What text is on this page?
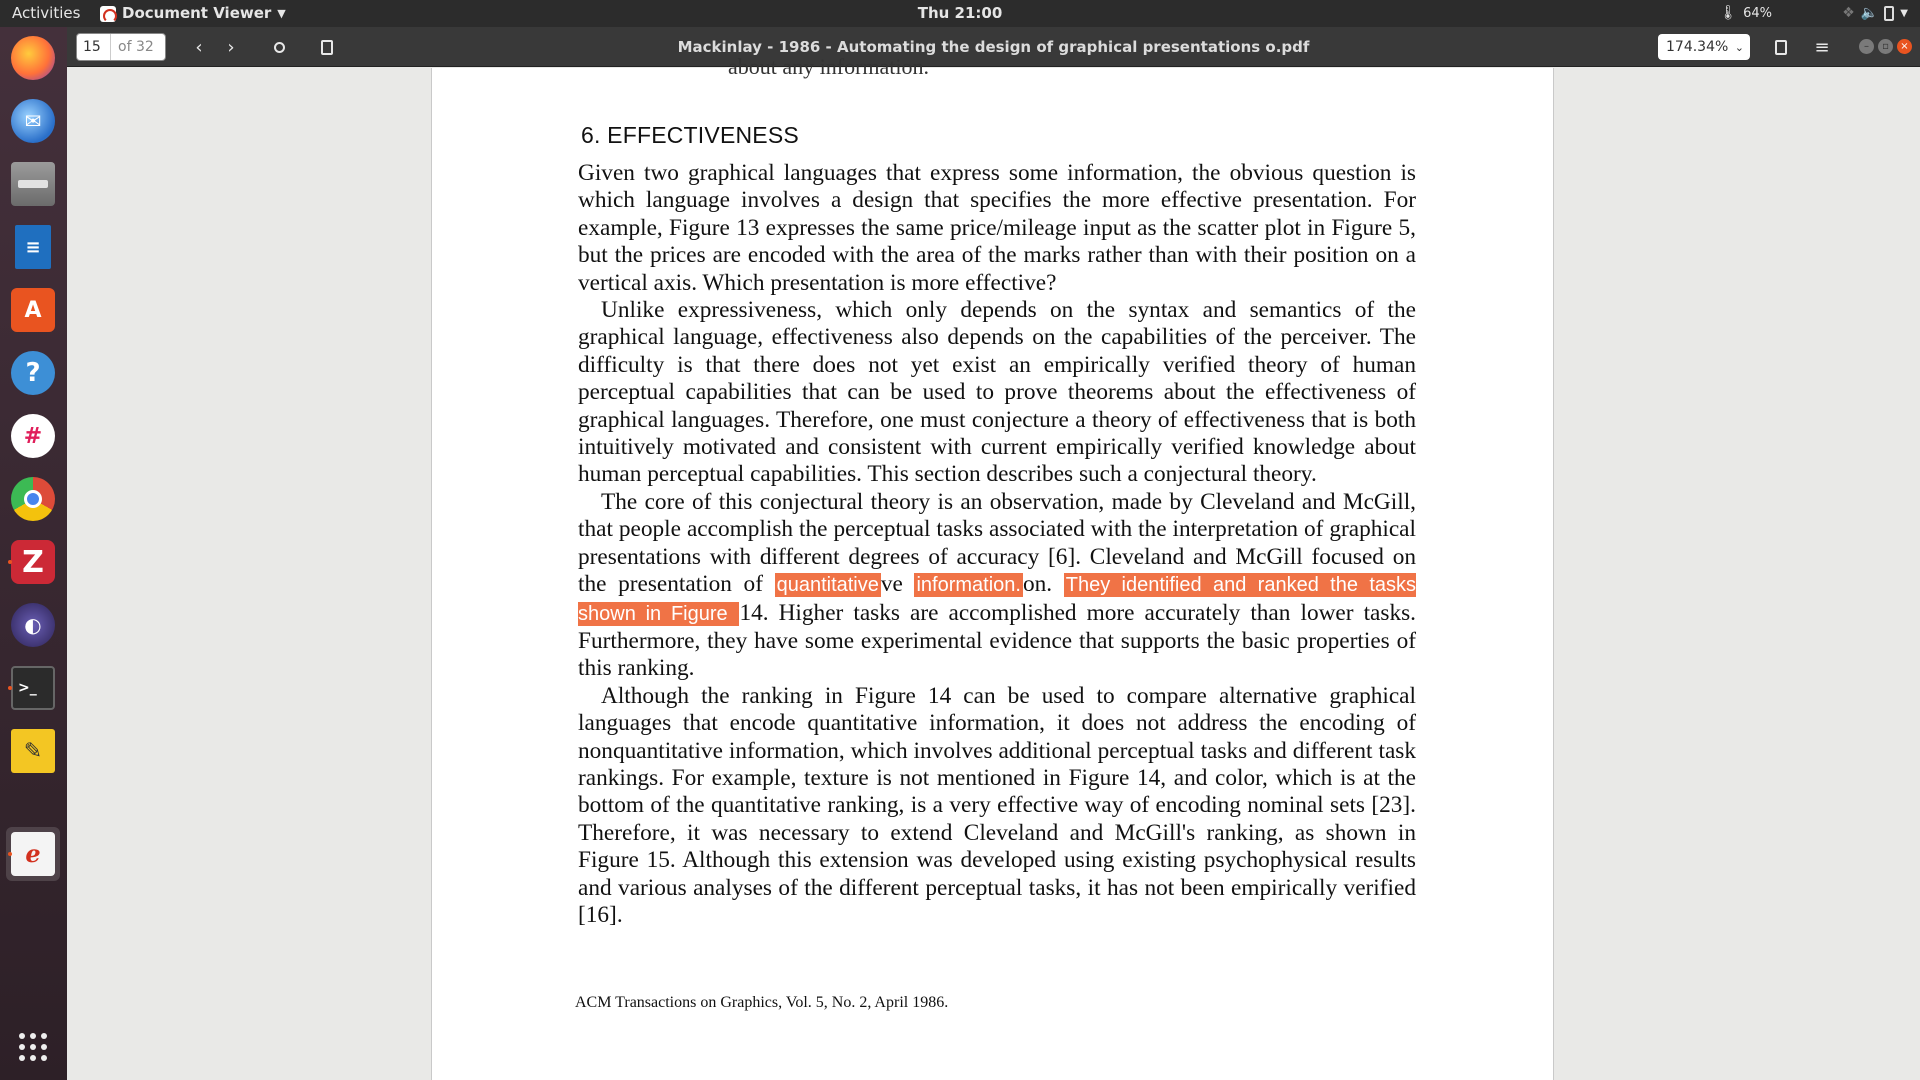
Activities	Document Viewer ▼	Thu 21:00	🌡 64%	❖ 🔈 ▼
✉
≡
A
?
#
Z
◐
>_
✎
ℯ
15
of 32 ‹ ›	Mackinlay - 1986 - Automating the design of graphical presentations o.pdf	174.34% ⌄	≡	– ▫ ×
about any information.
6. EFFECTIVENESS

Given two graphical languages that express some information, the obvious question is which language involves a design that specifies the more effective presentation. For example, Figure 13 expresses the same price/mileage input as the scatter plot in Figure 5, but the prices are encoded with the area of the marks rather than with their position on a vertical axis. Which presentation is more effective?

Unlike expressiveness, which only depends on the syntax and semantics of the graphical language, effectiveness also depends on the capabilities of the perceiver. The difficulty is that there does not yet exist an empirically verified theory of human perceptual capabilities that can be used to prove theorems about the effectiveness of graphical languages. Therefore, one must conjecture a theory of effectiveness that is both intuitively motivated and consistent with current empirically verified knowledge about human perceptual capabilities. This section describes such a conjectural theory.

The core of this conjectural theory is an observation, made by Cleveland and McGill, that people accomplish the perceptual tasks associated with the interpretation of graphical presentations with different degrees of accuracy [6]. Cleveland and McGill focused on the presentation of quantitativeve information.on. They identified and ranked the tasks shown in Figure 14. Higher tasks are accomplished more accurately than lower tasks. Furthermore, they have some experimental evidence that supports the basic properties of this ranking.

Although the ranking in Figure 14 can be used to compare alternative graphical languages that encode quantitative information, it does not address the encoding of nonquantitative information, which involves additional perceptual tasks and different task rankings. For example, texture is not mentioned in Figure 14, and color, which is at the bottom of the quantitative ranking, is a very effective way of encoding nominal sets [23]. Therefore, it was necessary to extend Cleveland and McGill's ranking, as shown in Figure 15. Although this extension was developed using existing psychophysical results and various analyses of the different perceptual tasks, it has not been empirically verified [16].

ACM Transactions on Graphics, Vol. 5, No. 2, April 1986.
